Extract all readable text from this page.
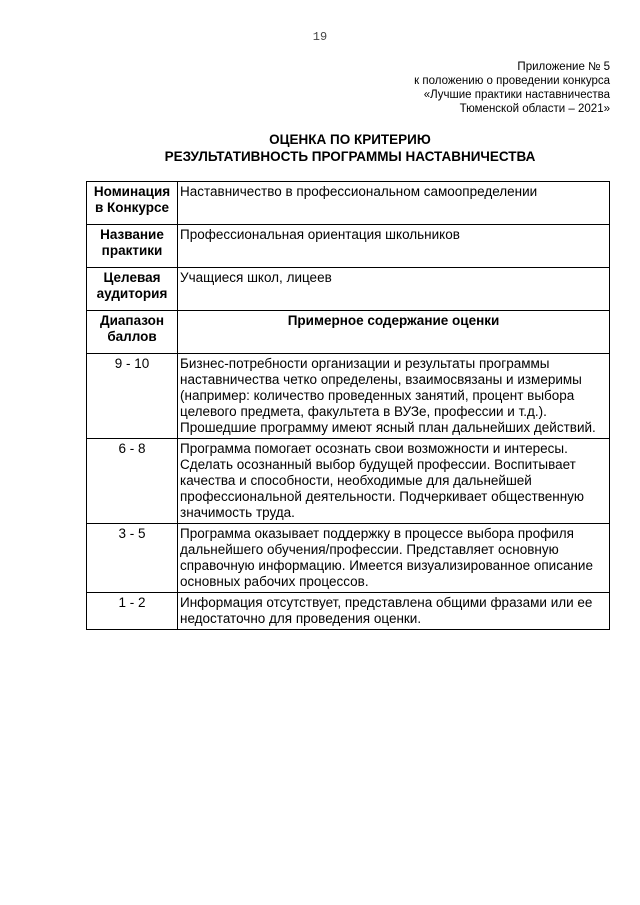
19
Приложение № 5
к положению о проведении конкурса
«Лучшие практики наставничества
Тюменской области – 2021»
ОЦЕНКА ПО КРИТЕРИЮ
РЕЗУЛЬТАТИВНОСТЬ ПРОГРАММЫ НАСТАВНИЧЕСТВА
Номинация
в Конкурсе	Наставничество в профессиональном самоопределении

Название
практики	Профессиональная ориентация школьников

Целевая
аудитория	Учащиеся школ, лицеев

Диапазон
баллов	Примерное содержание оценки
9 - 10	Бизнес-потребности организации и результаты программы наставничества четко определены, взаимосвязаны и измеримы (например: количество проведенных занятий, процент выбора целевого предмета, факультета в ВУЗе, профессии и т.д.). Прошедшие программу имеют ясный план дальнейших действий.
6 - 8	Программа помогает осознать свои возможности и интересы. Сделать осознанный выбор будущей профессии. Воспитывает качества и способности, необходимые для дальнейшей профессиональной деятельности. Подчеркивает общественную значимость труда.
3 - 5	Программа оказывает поддержку в процессе выбора профиля дальнейшего обучения/профессии. Представляет основную справочную информацию. Имеется визуализированное описание основных рабочих процессов.
1 - 2	Информация отсутствует, представлена общими фразами или ее недостаточно для проведения оценки.
